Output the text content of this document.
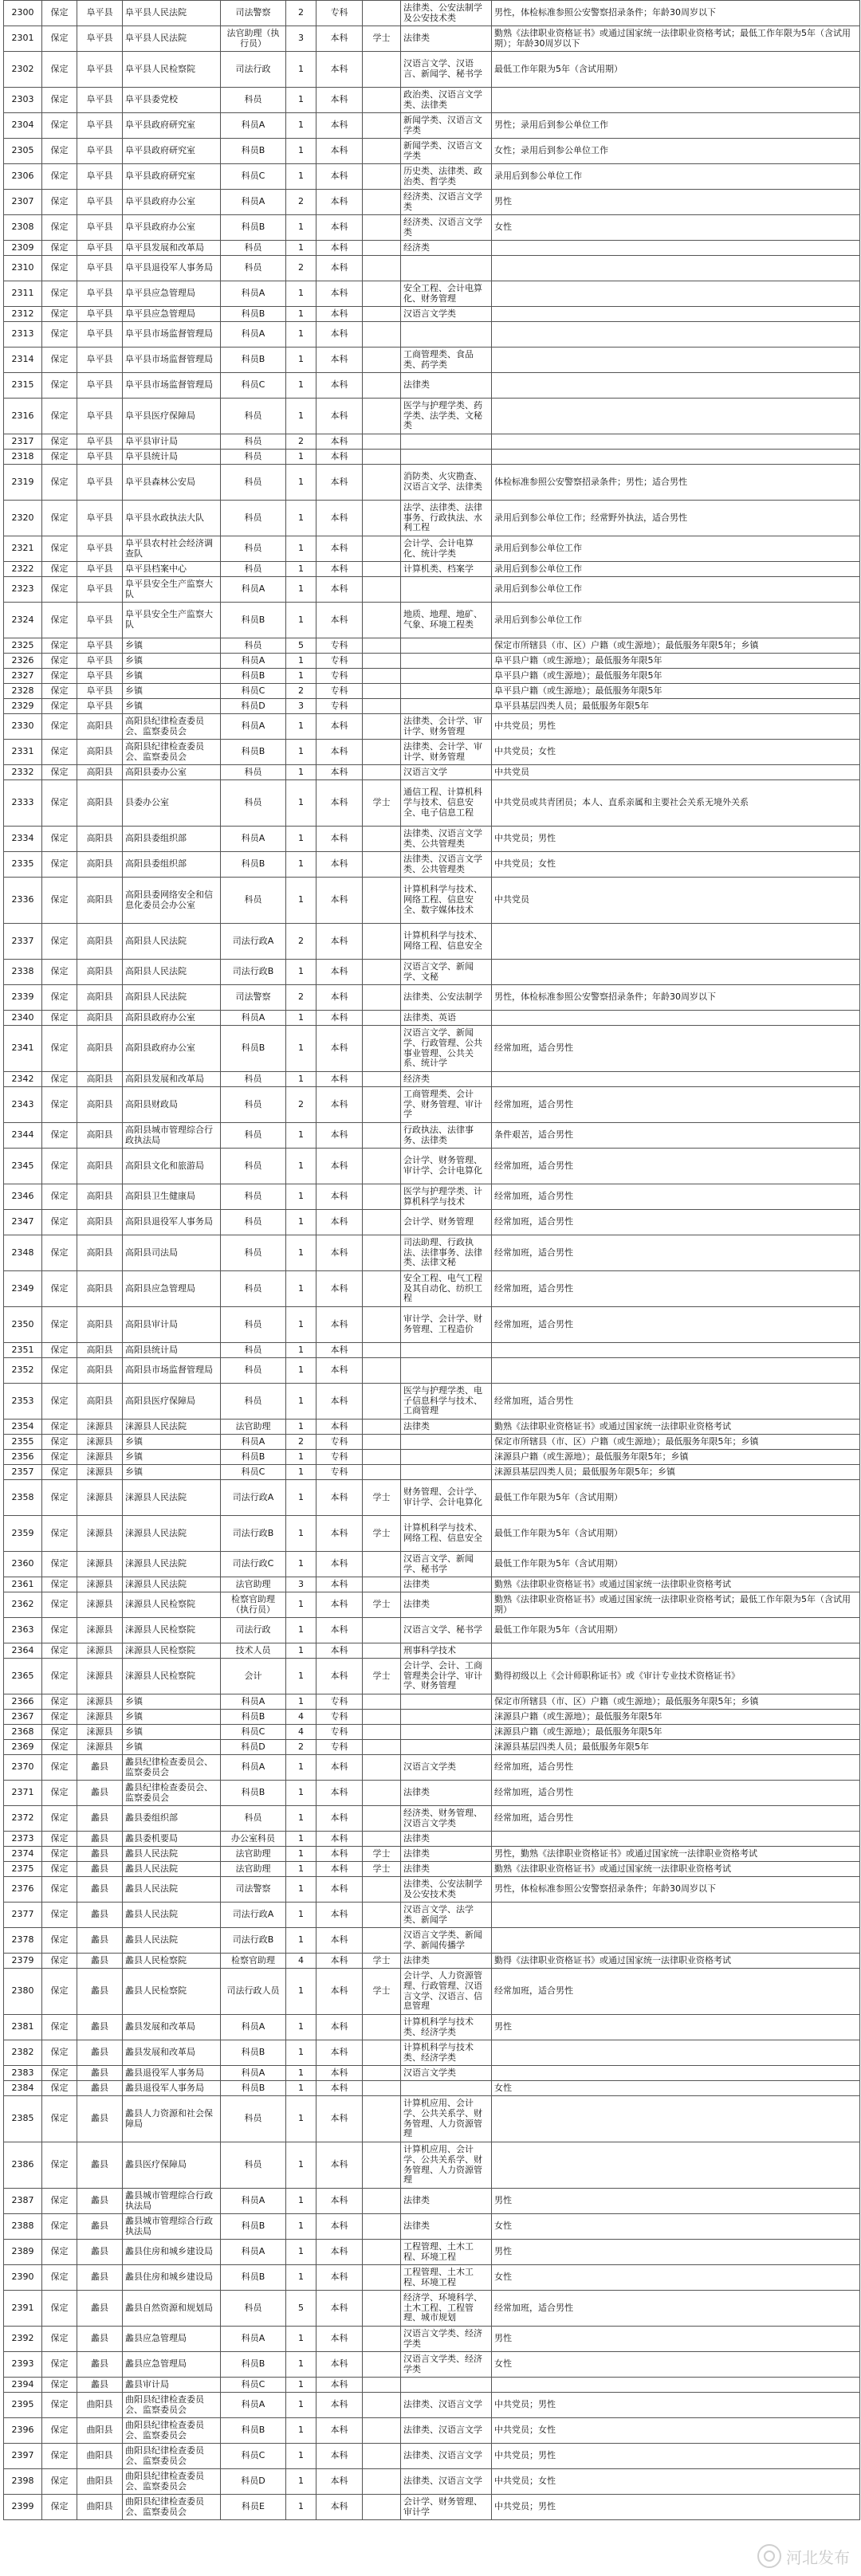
2300	保定	阜平县	阜平县人民法院	司法警察	2	专科		法律类、公安法制学及公安技术类	男性，体检标准参照公安警察招录条件；年龄30周岁以下
2301	保定	阜平县	阜平县人民法院	法官助理（执行员）	3	本科	学士	法律类	勤熟《法律职业资格证书》或通过国家统一法律职业资格考试；最低工作年限为5年（含试用期）；年龄30周岁以下
2302	保定	阜平县	阜平县人民检察院	司法行政	1	本科		汉语言文学、汉语言、新闻学、秘书学	最低工作年限为5年（含试用期）
2303	保定	阜平县	阜平县委党校	科员	1	本科		政治类、汉语言文学类、法律类	
2304	保定	阜平县	阜平县政府研究室	科员A	1	本科		新闻学类、汉语言文学类	男性；录用后到参公单位工作
2305	保定	阜平县	阜平县政府研究室	科员B	1	本科		新闻学类、汉语言文学类	女性；录用后到参公单位工作
2306	保定	阜平县	阜平县政府研究室	科员C	1	本科		历史类、法律类、政治类、哲学类	录用后到参公单位工作
2307	保定	阜平县	阜平县政府办公室	科员A	2	本科		经济类、汉语言文学类	男性
2308	保定	阜平县	阜平县政府办公室	科员B	1	本科		经济类、汉语言文学类	女性
2309	保定	阜平县	阜平县发展和改革局	科员	1	本科		经济类	
2310	保定	阜平县	阜平县退役军人事务局	科员	2	本科			
2311	保定	阜平县	阜平县应急管理局	科员A	1	本科		安全工程、会计电算化、财务管理	
2312	保定	阜平县	阜平县应急管理局	科员B	1	本科		汉语言文学类	
2313	保定	阜平县	阜平县市场监督管理局	科员A	1	本科			
2314	保定	阜平县	阜平县市场监督管理局	科员B	1	本科		工商管理类、食品类、药学类	
2315	保定	阜平县	阜平县市场监督管理局	科员C	1	本科		法律类	
2316	保定	阜平县	阜平县医疗保障局	科员	1	本科		医学与护理学类、药学类、法学类、文秘类	
2317	保定	阜平县	阜平县审计局	科员	2	本科			
2318	保定	阜平县	阜平县统计局	科员	1	本科			
2319	保定	阜平县	阜平县森林公安局	科员	1	本科		消防类、火灾勘查、汉语言文学、法律类	体检标准参照公安警察招录条件；男性；适合男性
2320	保定	阜平县	阜平县水政执法大队	科员	1	本科		法学、法律类、法律事务、行政执法、水利工程	录用后到参公单位工作；经常野外执法，适合男性
2321	保定	阜平县	阜平县农村社会经济调查队	科员	1	本科		会计学、会计电算化、统计学类	录用后到参公单位工作
2322	保定	阜平县	阜平县档案中心	科员	1	本科		计算机类、档案学	录用后到参公单位工作
2323	保定	阜平县	阜平县安全生产监察大队	科员A	1	本科			录用后到参公单位工作
2324	保定	阜平县	阜平县安全生产监察大队	科员B	1	本科		地质、地理、地矿、气象、环境工程类	录用后到参公单位工作
2325	保定	阜平县	乡镇	科员	5	专科			保定市所辖县（市、区）户籍（或生源地）；最低服务年限5年；乡镇
2326	保定	阜平县	乡镇	科员A	1	专科			阜平县户籍（或生源地）；最低服务年限5年
2327	保定	阜平县	乡镇	科员B	1	专科			阜平县户籍（或生源地）；最低服务年限5年
2328	保定	阜平县	乡镇	科员C	2	专科			阜平县户籍（或生源地）；最低服务年限5年
2329	保定	阜平县	乡镇	科员D	3	专科			阜平县基层四类人员；最低服务年限5年
2330	保定	高阳县	高阳县纪律检查委员会、监察委员会	科员A	1	本科		法律类、会计学、审计学、财务管理	中共党员；男性
2331	保定	高阳县	高阳县纪律检查委员会、监察委员会	科员B	1	本科		法律类、会计学、审计学、财务管理	中共党员；女性
2332	保定	高阳县	高阳县委办公室	科员	1	本科		汉语言文学	中共党员
2333	保定	高阳县	县委办公室	科员	1	本科	学士	通信工程、计算机科学与技术、信息安全、电子信息工程	中共党员或共青团员；本人、直系亲属和主要社会关系无境外关系
2334	保定	高阳县	高阳县委组织部	科员A	1	本科		法律类、汉语言文学类、公共管理类	中共党员；男性
2335	保定	高阳县	高阳县委组织部	科员B	1	本科		法律类、汉语言文学类、公共管理类	中共党员；女性
2336	保定	高阳县	高阳县委网络安全和信息化委员会办公室	科员	1	本科		计算机科学与技术、网络工程、信息安全、数字媒体技术	中共党员
2337	保定	高阳县	高阳县人民法院	司法行政A	2	本科		计算机科学与技术、网络工程、信息安全	
2338	保定	高阳县	高阳县人民法院	司法行政B	1	本科		汉语言文学、新闻学、文秘	
2339	保定	高阳县	高阳县人民法院	司法警察	2	本科		法律类、公安法制学	男性，体检标准参照公安警察招录条件；年龄30周岁以下
2340	保定	高阳县	高阳县政府办公室	科员A	1	本科		法律类、英语	
2341	保定	高阳县	高阳县政府办公室	科员B	1	本科		汉语言文学、新闻学、行政管理、公共事业管理、公共关系、统计学	经常加班，适合男性
2342	保定	高阳县	高阳县发展和改革局	科员	1	本科		经济类	
2343	保定	高阳县	高阳县财政局	科员	2	本科		工商管理类、会计学、财务管理、审计学	经常加班，适合男性
2344	保定	高阳县	高阳县城市管理综合行政执法局	科员	1	本科		行政执法、法律事务、法律类	条件艰苦，适合男性
2345	保定	高阳县	高阳县文化和旅游局	科员	1	本科		会计学、财务管理、审计学、会计电算化	经常加班，适合男性
2346	保定	高阳县	高阳县卫生健康局	科员	1	本科		医学与护理学类、计算机科学与技术	经常加班，适合男性
2347	保定	高阳县	高阳县退役军人事务局	科员	1	本科		会计学、财务管理	经常加班，适合男性
2348	保定	高阳县	高阳县司法局	科员	1	本科		司法助理、行政执法、法律事务、法律类、法律文秘	经常加班，适合男性
2349	保定	高阳县	高阳县应急管理局	科员	1	本科		安全工程、电气工程及其自动化、纺织工程	经常加班，适合男性
2350	保定	高阳县	高阳县审计局	科员	1	本科		审计学、会计学、财务管理、工程造价	经常加班，适合男性
2351	保定	高阳县	高阳县统计局	科员	1	本科			
2352	保定	高阳县	高阳县市场监督管理局	科员	1	本科			
2353	保定	高阳县	高阳县医疗保障局	科员	1	本科		医学与护理学类、电子信息科学与技术、工商管理	经常加班，适合男性
2354	保定	涞源县	涞源县人民法院	法官助理	1	本科		法律类	勤熟《法律职业资格证书》或通过国家统一法律职业资格考试
2355	保定	涞源县	乡镇	科员A	2	专科			保定市所辖县（市、区）户籍（或生源地）；最低服务年限5年；乡镇
2356	保定	涞源县	乡镇	科员B	1	专科			涞源县户籍（或生源地）；最低服务年限5年；乡镇
2357	保定	涞源县	乡镇	科员C	1	专科			涞源县基层四类人员；最低服务年限5年；乡镇
2358	保定	涞源县	涞源县人民法院	司法行政A	1	本科	学士	财务管理、会计学、审计学、会计电算化	最低工作年限为5年（含试用期）
2359	保定	涞源县	涞源县人民法院	司法行政B	1	本科	学士	计算机科学与技术、网络工程、信息安全	最低工作年限为5年（含试用期）
2360	保定	涞源县	涞源县人民法院	司法行政C	1	本科		汉语言文学、新闻学、秘书学	最低工作年限为5年（含试用期）
2361	保定	涞源县	涞源县人民法院	法官助理	3	本科		法律类	勤熟《法律职业资格证书》或通过国家统一法律职业资格考试
2362	保定	涞源县	涞源县人民检察院	检察官助理（执行员）	1	本科	学士	法律类	勤熟《法律职业资格证书》或通过国家统一法律职业资格考试；最低工作年限为5年（含试用期）
2363	保定	涞源县	涞源县人民检察院	司法行政	1	本科		汉语言文学、秘书学	最低工作年限为5年（含试用期）
2364	保定	涞源县	涞源县人民检察院	技术人员	1	本科		刑事科学技术	
2365	保定	涞源县	涞源县人民检察院	会计	1	本科	学士	会计学、会计、工商管理类会计学、审计学、财务管理	勤得初级以上《会计师职称证书》或《审计专业技术资格证书》
2366	保定	涞源县	乡镇	科员A	1	专科			保定市所辖县（市、区）户籍（或生源地）；最低服务年限5年；乡镇
2367	保定	涞源县	乡镇	科员B	4	专科			涞源县户籍（或生源地）；最低服务年限5年
2368	保定	涞源县	乡镇	科员C	4	专科			涞源县户籍（或生源地）；最低服务年限5年
2369	保定	涞源县	乡镇	科员D	2	专科			涞源县基层四类人员；最低服务年限5年
2370	保定	蠡县	蠡县纪律检查委员会、监察委员会	科员A	1	本科		汉语言文学类	经常加班，适合男性
2371	保定	蠡县	蠡县纪律检查委员会、监察委员会	科员B	1	本科		法律类	经常加班，适合男性
2372	保定	蠡县	蠡县委组织部	科员	1	本科		经济类、财务管理、汉语言文学类	经常加班，适合男性
2373	保定	蠡县	蠡县委机要局	办公室科员	1	本科		法律类	
2374	保定	蠡县	蠡县人民法院	法官助理	1	本科	学士	法律类	男性，勤熟《法律职业资格证书》或通过国家统一法律职业资格考试
2375	保定	蠡县	蠡县人民法院	法官助理	1	本科	学士	法律类	勤熟《法律职业资格证书》或通过国家统一法律职业资格考试
2376	保定	蠡县	蠡县人民法院	司法警察	1	本科		法律类、公安法制学及公安技术类	男性，体检标准参照公安警察招录条件；年龄30周岁以下
2377	保定	蠡县	蠡县人民法院	司法行政A	1	本科		汉语言文学、法学类、新闻学	
2378	保定	蠡县	蠡县人民法院	司法行政B	1	本科		汉语言文学类、新闻学、新闻传播学	
2379	保定	蠡县	蠡县人民检察院	检察官助理	4	本科	学士	法律类	勤得《法律职业资格证书》或通过国家统一法律职业资格考试
2380	保定	蠡县	蠡县人民检察院	司法行政人员	1	本科	学士	会计学、人力资源管理、行政管理、汉语言文学、汉语言、信息管理	经常加班，适合男性
2381	保定	蠡县	蠡县发展和改革局	科员A	1	本科		计算机科学与技术类、经济学类	男性
2382	保定	蠡县	蠡县发展和改革局	科员B	1	本科		计算机科学与技术类、经济学类	
2383	保定	蠡县	蠡县退役军人事务局	科员A	1	本科		汉语言文学类	
2384	保定	蠡县	蠡县退役军人事务局	科员B	1	本科			女性
2385	保定	蠡县	蠡县人力资源和社会保障局	科员	1	本科		计算机应用、会计学、公共关系学、财务管理、人力资源管理	
2386	保定	蠡县	蠡县医疗保障局	科员	1	本科		计算机应用、会计学、公共关系学、财务管理、人力资源管理	
2387	保定	蠡县	蠡县城市管理综合行政执法局	科员A	1	本科		法律类	男性
2388	保定	蠡县	蠡县城市管理综合行政执法局	科员B	1	本科		法律类	女性
2389	保定	蠡县	蠡县住房和城乡建设局	科员A	1	本科		工程管理、土木工程、环境工程	男性
2390	保定	蠡县	蠡县住房和城乡建设局	科员B	1	本科		工程管理、土木工程、环境工程	女性
2391	保定	蠡县	蠡县自然资源和规划局	科员	5	本科		经济学、环境科学、土木工程、工程管理、城市规划	经常加班，适合男性
2392	保定	蠡县	蠡县应急管理局	科员A	1	本科		汉语言文学类、经济学类	男性
2393	保定	蠡县	蠡县应急管理局	科员B	1	本科		汉语言文学类、经济学类	女性
2394	保定	蠡县	蠡县审计局	科员C	1	本科			
2395	保定	曲阳县	曲阳县纪律检查委员会、监察委员会	科员A	1	本科		法律类、汉语言文学	中共党员；男性
2396	保定	曲阳县	曲阳县纪律检查委员会、监察委员会	科员B	1	本科		法律类、汉语言文学	中共党员；女性
2397	保定	曲阳县	曲阳县纪律检查委员会、监察委员会	科员C	1	本科		法律类、汉语言文学	中共党员；男性
2398	保定	曲阳县	曲阳县纪律检查委员会、监察委员会	科员D	1	本科		法律类、汉语言文学	中共党员；女性
2399	保定	曲阳县	曲阳县纪律检查委员会、监察委员会	科员E	1	本科		会计学、财务管理、审计学	中共党员；男性
河北发布
